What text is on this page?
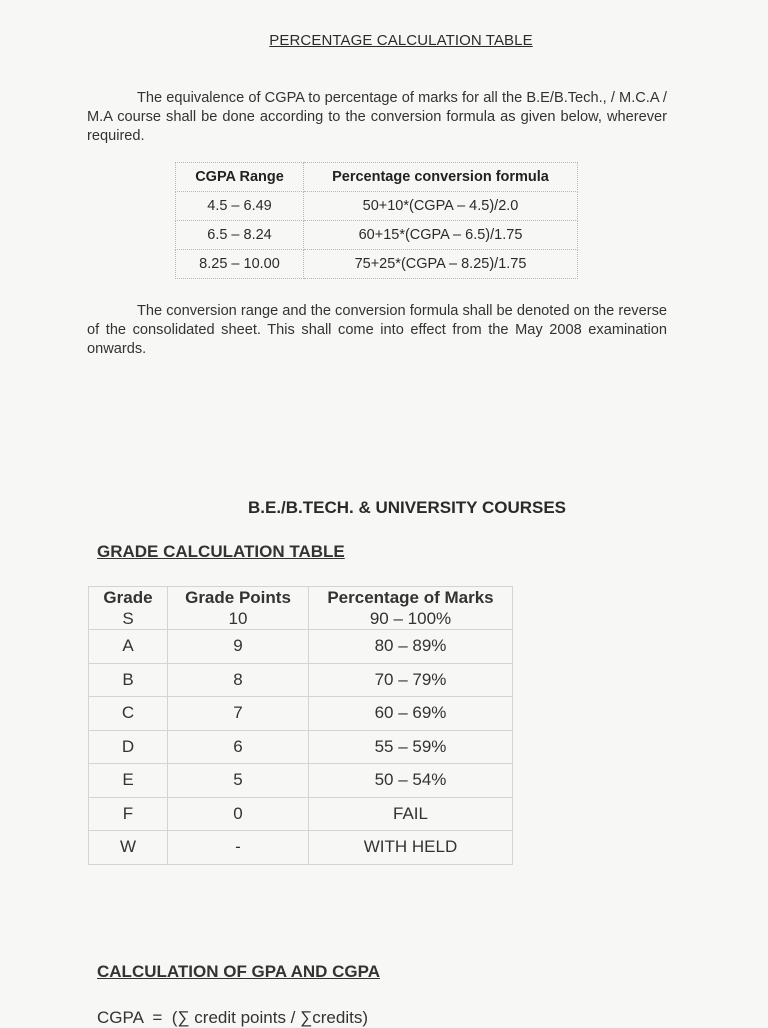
PERCENTAGE CALCULATION TABLE
The equivalence of CGPA to percentage of marks for all the B.E/B.Tech., / M.C.A / M.A course shall be done according to the conversion formula as given below, wherever required.
CGPA Range	Percentage conversion formula
4.5 – 6.49	50+10*(CGPA – 4.5)/2.0
6.5 – 8.24	60+15*(CGPA – 6.5)/1.75
8.25 – 10.00	75+25*(CGPA – 8.25)/1.75
The conversion range and the conversion formula shall be denoted on the reverse of the consolidated sheet. This shall come into effect from the May 2008 examination onwards.
B.E./B.TECH. & UNIVERSITY COURSES
GRADE CALCULATION TABLE
Grade	Grade Points	Percentage of Marks
S	10	90 – 100%
A	9	80 – 89%
B	8	70 – 79%
C	7	60 – 69%
D	6	55 – 59%
E	5	50 – 54%
F	0	FAIL
W	-	WITH HELD
CALCULATION OF GPA AND CGPA
CGPA  =  (∑ credit points / ∑credits)
